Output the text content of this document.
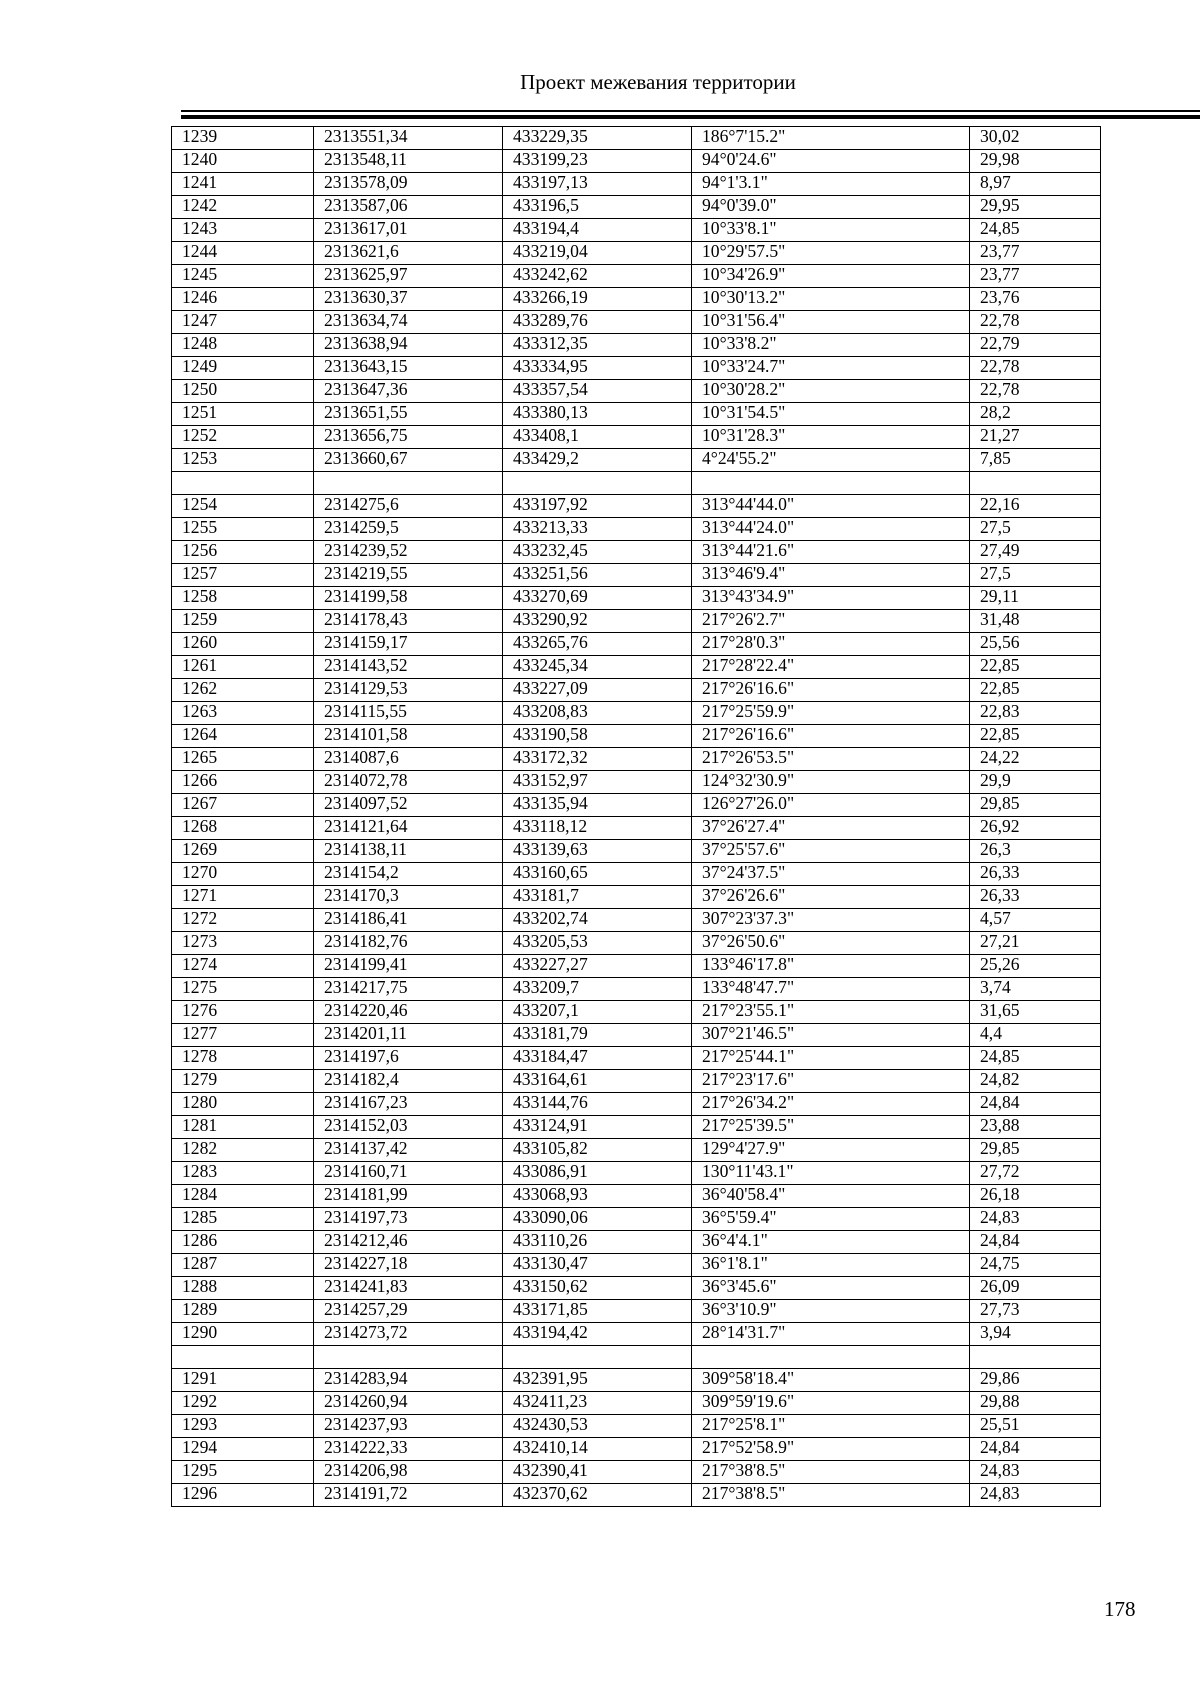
Проект межевания территории
1239	2313551,34	433229,35	186°7'15.2"	30,02
1240	2313548,11	433199,23	94°0'24.6"	29,98
1241	2313578,09	433197,13	94°1'3.1"	8,97
1242	2313587,06	433196,5	94°0'39.0"	29,95
1243	2313617,01	433194,4	10°33'8.1"	24,85
1244	2313621,6	433219,04	10°29'57.5"	23,77
1245	2313625,97	433242,62	10°34'26.9"	23,77
1246	2313630,37	433266,19	10°30'13.2"	23,76
1247	2313634,74	433289,76	10°31'56.4"	22,78
1248	2313638,94	433312,35	10°33'8.2"	22,79
1249	2313643,15	433334,95	10°33'24.7"	22,78
1250	2313647,36	433357,54	10°30'28.2"	22,78
1251	2313651,55	433380,13	10°31'54.5"	28,2
1252	2313656,75	433408,1	10°31'28.3"	21,27
1253	2313660,67	433429,2	4°24'55.2"	7,85

1254	2314275,6	433197,92	313°44'44.0"	22,16
1255	2314259,5	433213,33	313°44'24.0"	27,5
1256	2314239,52	433232,45	313°44'21.6"	27,49
1257	2314219,55	433251,56	313°46'9.4"	27,5
1258	2314199,58	433270,69	313°43'34.9"	29,11
1259	2314178,43	433290,92	217°26'2.7"	31,48
1260	2314159,17	433265,76	217°28'0.3"	25,56
1261	2314143,52	433245,34	217°28'22.4"	22,85
1262	2314129,53	433227,09	217°26'16.6"	22,85
1263	2314115,55	433208,83	217°25'59.9"	22,83
1264	2314101,58	433190,58	217°26'16.6"	22,85
1265	2314087,6	433172,32	217°26'53.5"	24,22
1266	2314072,78	433152,97	124°32'30.9"	29,9
1267	2314097,52	433135,94	126°27'26.0"	29,85
1268	2314121,64	433118,12	37°26'27.4"	26,92
1269	2314138,11	433139,63	37°25'57.6"	26,3
1270	2314154,2	433160,65	37°24'37.5"	26,33
1271	2314170,3	433181,7	37°26'26.6"	26,33
1272	2314186,41	433202,74	307°23'37.3"	4,57
1273	2314182,76	433205,53	37°26'50.6"	27,21
1274	2314199,41	433227,27	133°46'17.8"	25,26
1275	2314217,75	433209,7	133°48'47.7"	3,74
1276	2314220,46	433207,1	217°23'55.1"	31,65
1277	2314201,11	433181,79	307°21'46.5"	4,4
1278	2314197,6	433184,47	217°25'44.1"	24,85
1279	2314182,4	433164,61	217°23'17.6"	24,82
1280	2314167,23	433144,76	217°26'34.2"	24,84
1281	2314152,03	433124,91	217°25'39.5"	23,88
1282	2314137,42	433105,82	129°4'27.9"	29,85
1283	2314160,71	433086,91	130°11'43.1"	27,72
1284	2314181,99	433068,93	36°40'58.4"	26,18
1285	2314197,73	433090,06	36°5'59.4"	24,83
1286	2314212,46	433110,26	36°4'4.1"	24,84
1287	2314227,18	433130,47	36°1'8.1"	24,75
1288	2314241,83	433150,62	36°3'45.6"	26,09
1289	2314257,29	433171,85	36°3'10.9"	27,73
1290	2314273,72	433194,42	28°14'31.7"	3,94

1291	2314283,94	432391,95	309°58'18.4"	29,86
1292	2314260,94	432411,23	309°59'19.6"	29,88
1293	2314237,93	432430,53	217°25'8.1"	25,51
1294	2314222,33	432410,14	217°52'58.9"	24,84
1295	2314206,98	432390,41	217°38'8.5"	24,83
1296	2314191,72	432370,62	217°38'8.5"	24,83
178
